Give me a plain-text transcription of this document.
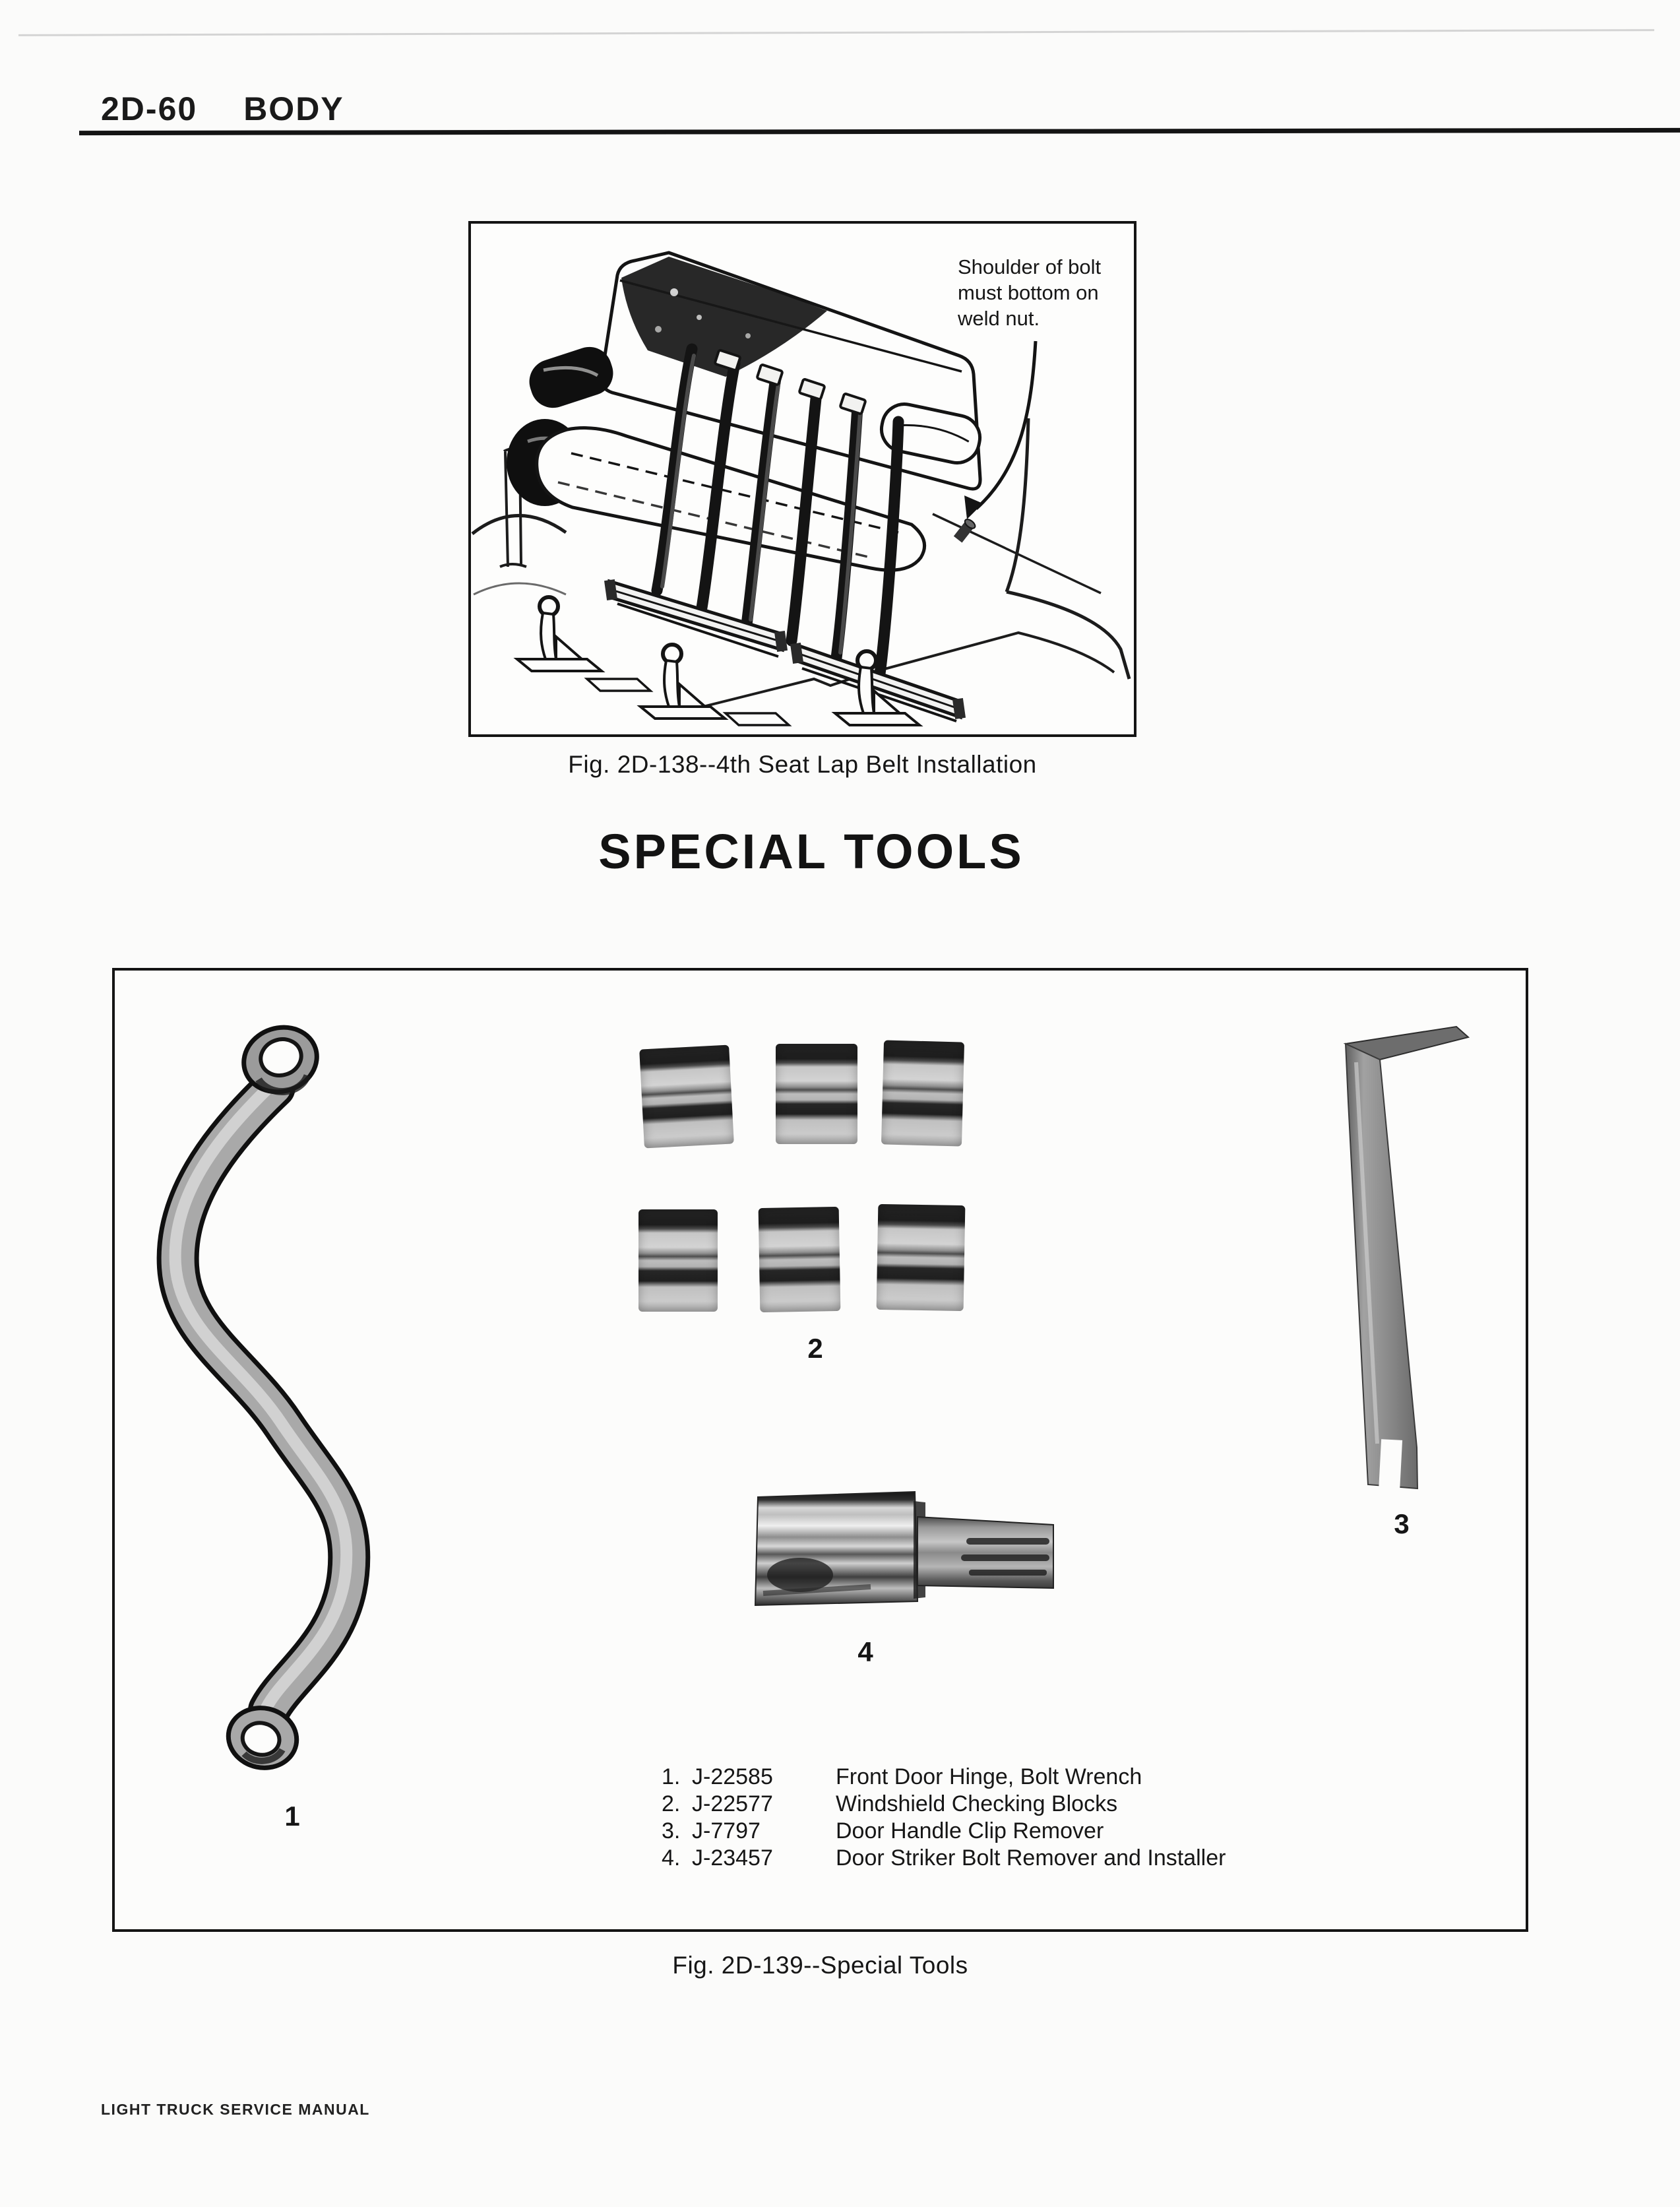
2D-60 BODY
Shoulder of bolt
must bottom on
weld nut.
Fig. 2D-138--4th Seat Lap Belt Installation
SPECIAL TOOLS
1
2
3
4
1. J-22585	Front Door Hinge, Bolt Wrench
2. J-22577	Windshield Checking Blocks
3. J-7797	Door Handle Clip Remover
4. J-23457	Door Striker Bolt Remover and Installer
Fig. 2D-139--Special Tools
LIGHT TRUCK SERVICE MANUAL
